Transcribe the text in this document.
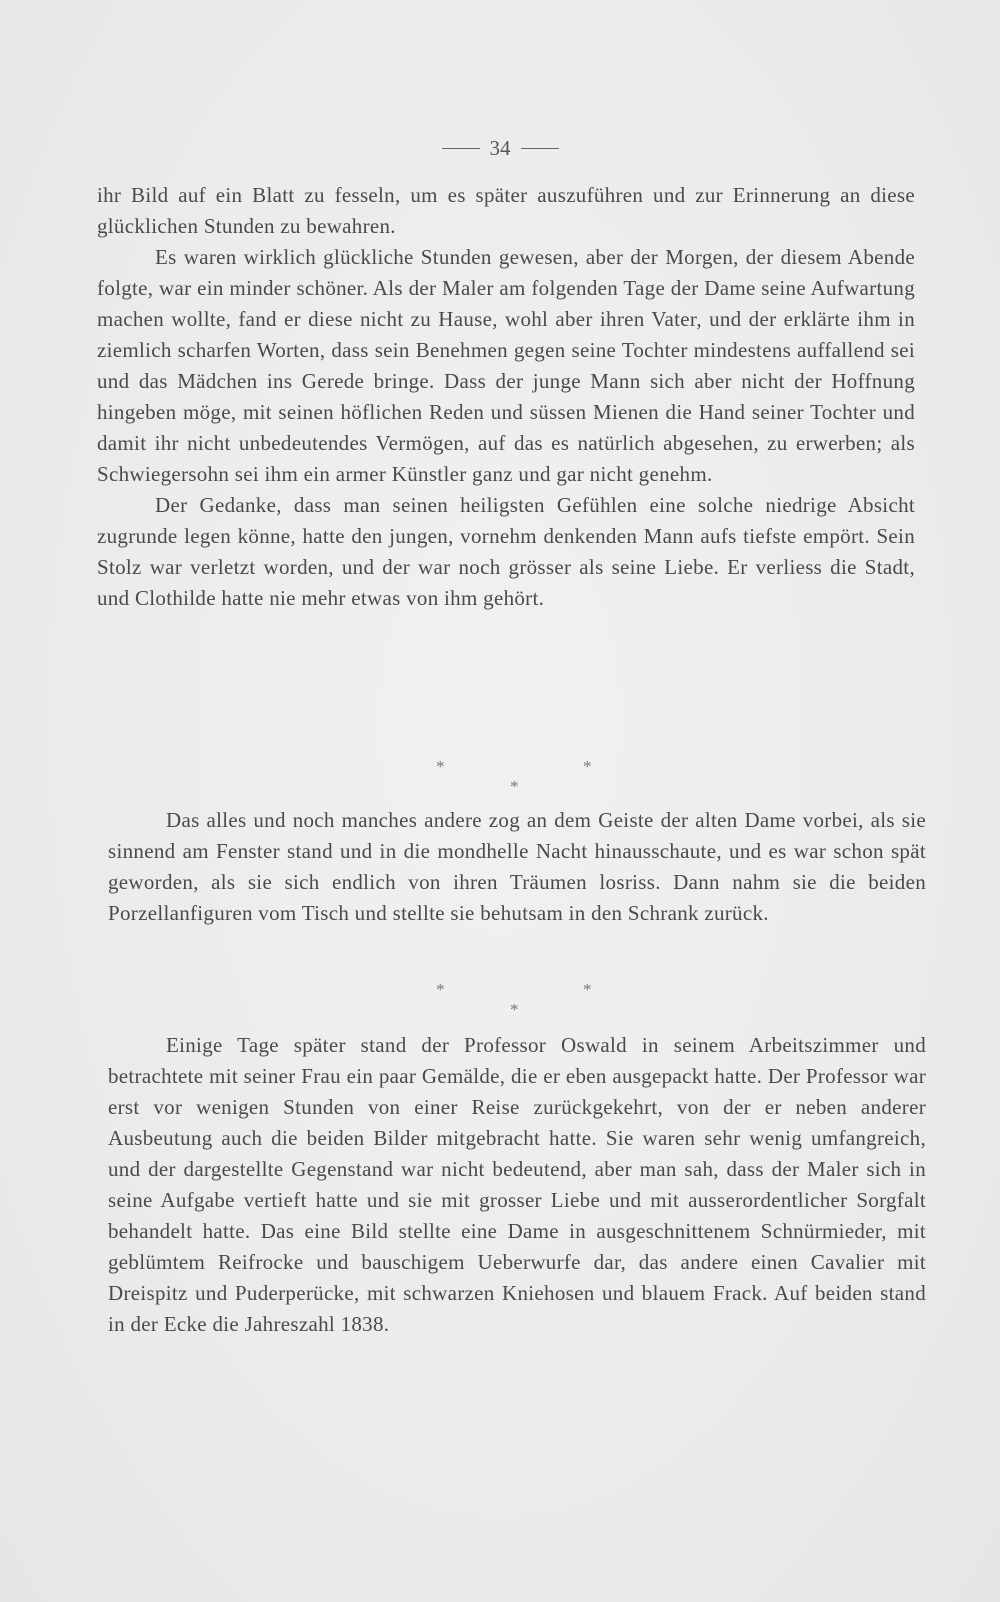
34

ihr Bild auf ein Blatt zu fesseln, um es später auszuführen und zur Erinnerung an diese glücklichen Stunden zu bewahren.

Es waren wirklich glückliche Stunden gewesen, aber der Morgen, der diesem Abende folgte, war ein minder schöner. Als der Maler am folgenden Tage der Dame seine Aufwartung machen wollte, fand er diese nicht zu Hause, wohl aber ihren Vater, und der erklärte ihm in ziemlich scharfen Worten, dass sein Benehmen gegen seine Tochter mindestens auffallend sei und das Mädchen ins Gerede bringe. Dass der junge Mann sich aber nicht der Hoffnung hingeben möge, mit seinen höflichen Reden und süssen Mienen die Hand seiner Tochter und damit ihr nicht unbedeutendes Vermögen, auf das es natürlich abgesehen, zu erwerben; als Schwiegersohn sei ihm ein armer Künstler ganz und gar nicht genehm.

Der Gedanke, dass man seinen heiligsten Gefühlen eine solche niedrige Absicht zugrunde legen könne, hatte den jungen, vornehm denkenden Mann aufs tiefste empört. Sein Stolz war verletzt worden, und der war noch grösser als seine Liebe. Er verliess die Stadt, und Clothilde hatte nie mehr etwas von ihm gehört.

*	*
*

Das alles und noch manches andere zog an dem Geiste der alten Dame vorbei, als sie sinnend am Fenster stand und in die mondhelle Nacht hinausschaute, und es war schon spät geworden, als sie sich endlich von ihren Träumen losriss. Dann nahm sie die beiden Porzellanfiguren vom Tisch und stellte sie behutsam in den Schrank zurück.

*	*
*

Einige Tage später stand der Professor Oswald in seinem Arbeitszimmer und betrachtete mit seiner Frau ein paar Gemälde, die er eben ausgepackt hatte. Der Professor war erst vor wenigen Stunden von einer Reise zurückgekehrt, von der er neben anderer Ausbeutung auch die beiden Bilder mitgebracht hatte. Sie waren sehr wenig umfangreich, und der dargestellte Gegenstand war nicht bedeutend, aber man sah, dass der Maler sich in seine Aufgabe vertieft hatte und sie mit grosser Liebe und mit ausserordentlicher Sorgfalt behandelt hatte. Das eine Bild stellte eine Dame in ausgeschnittenem Schnürmieder, mit geblümtem Reifrocke und bauschigem Ueberwurfe dar, das andere einen Cavalier mit Dreispitz und Puderperücke, mit schwarzen Kniehosen und blauem Frack. Auf beiden stand in der Ecke die Jahreszahl 1838.
